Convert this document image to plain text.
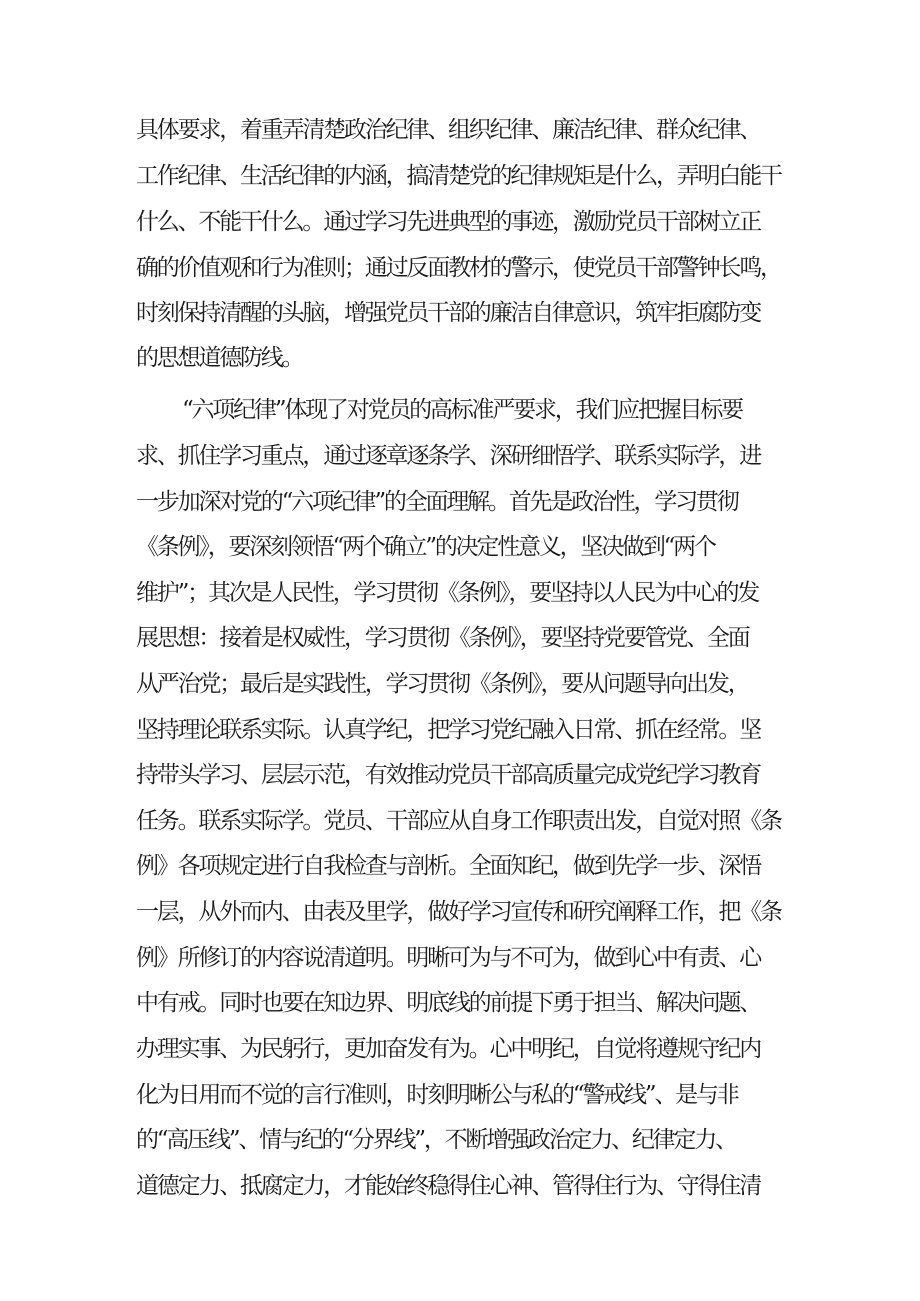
具体要求，着重弄清楚政治纪律、组织纪律、廉洁纪律、群众纪律、
工作纪律、生活纪律的内涵，搞清楚党的纪律规矩是什么，弄明白能干
什么、不能干什么。通过学习先进典型的事迹，激励党员干部树立正
确的价值观和行为准则；通过反面教材的警示，使党员干部警钟长鸣，
时刻保持清醒的头脑，增强党员干部的廉洁自律意识，筑牢拒腐防变
的思想道德防线。
“六项纪律”体现了对党员的高标准严要求，我们应把握目标要
求、抓住学习重点，通过逐章逐条学、深研细悟学、联系实际学，进
一步加深对党的“六项纪律”的全面理解。首先是政治性，学习贯彻
《条例》，要深刻领悟“两个确立”的决定性意义，坚决做到“两个
维护”；其次是人民性，学习贯彻《条例》，要坚持以人民为中心的发
展思想：接着是权威性，学习贯彻《条例》，要坚持党要管党、全面
从严治党；最后是实践性，学习贯彻《条例》，要从问题导向出发，
坚持理论联系实际。认真学纪，把学习党纪融入日常、抓在经常。坚
持带头学习、层层示范，有效推动党员干部高质量完成党纪学习教育
任务。联系实际学。党员、干部应从自身工作职责出发，自觉对照《条
例》各项规定进行自我检查与剖析。全面知纪，做到先学一步、深悟
一层，从外而内、由表及里学，做好学习宣传和研究阐释工作，把《条
例》所修订的内容说清道明。明晰可为与不可为，做到心中有责、心
中有戒。同时也要在知边界、明底线的前提下勇于担当、解决问题、
办理实事、为民躬行，更加奋发有为。心中明纪，自觉将遵规守纪内
化为日用而不觉的言行准则，时刻明晰公与私的“警戒线”、是与非
的“高压线”、情与纪的“分界线”，不断增强政治定力、纪律定力、
道德定力、抵腐定力，才能始终稳得住心神、管得住行为、守得住清
